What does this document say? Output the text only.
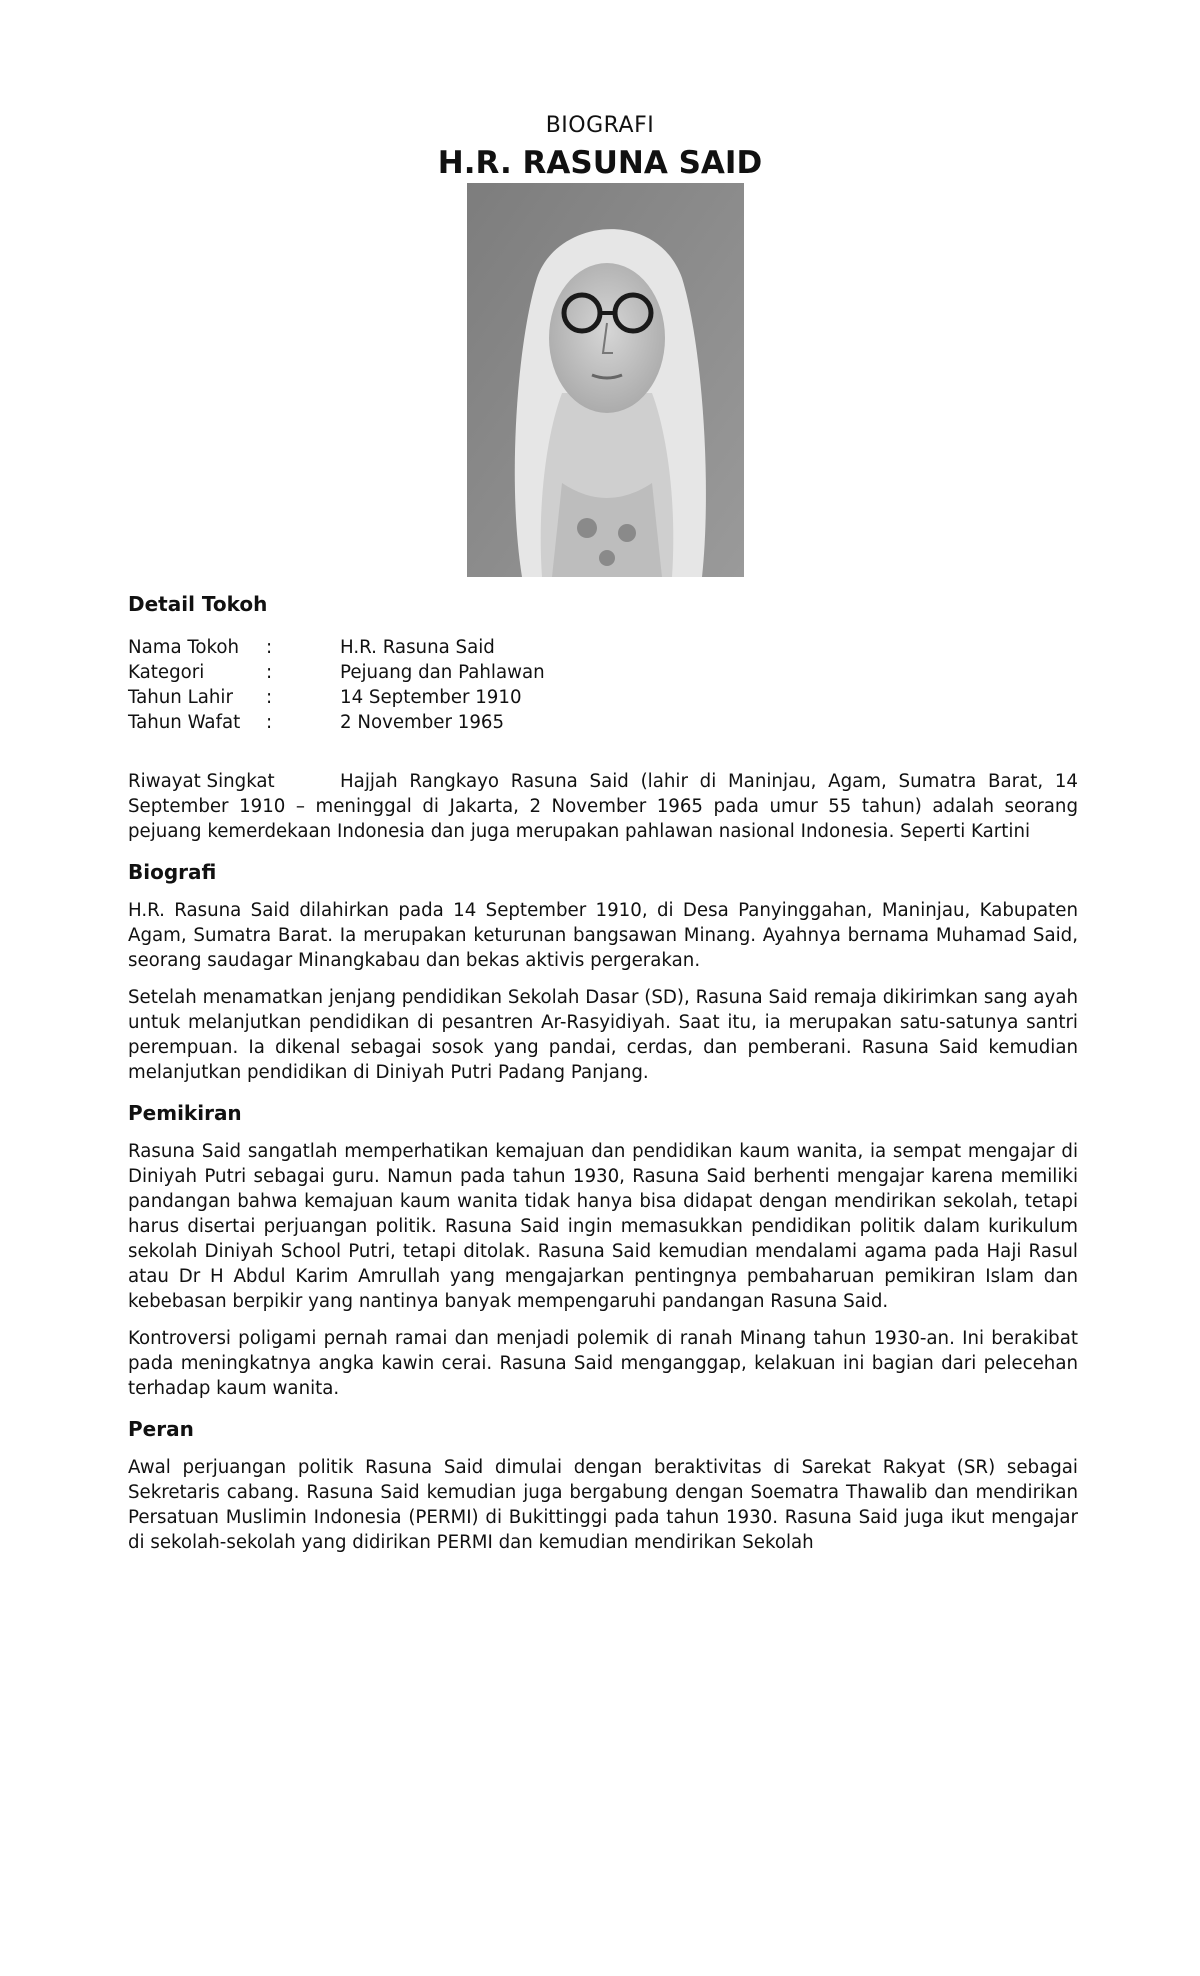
BIOGRAFI
H.R. RASUNA SAID
Detail Tokoh
Nama Tokoh	:	H.R. Rasuna Said
Kategori	:	Pejuang dan Pahlawan
Tahun Lahir	:	14 September 1910
Tahun Wafat	:	2 November 1965

Riwayat Singkat	Hajjah Rangkayo Rasuna Said (lahir di Maninjau, Agam, Sumatra Barat, 14 September 1910 – meninggal di Jakarta, 2 November 1965 pada umur 55 tahun) adalah seorang pejuang kemerdekaan Indonesia dan juga merupakan pahlawan nasional Indonesia. Seperti Kartini

Biografi

H.R. Rasuna Said dilahirkan pada 14 September 1910, di Desa Panyinggahan, Maninjau, Kabupaten Agam, Sumatra Barat. Ia merupakan keturunan bangsawan Minang. Ayahnya bernama Muhamad Said, seorang saudagar Minangkabau dan bekas aktivis pergerakan.

Setelah menamatkan jenjang pendidikan Sekolah Dasar (SD), Rasuna Said remaja dikirimkan sang ayah untuk melanjutkan pendidikan di pesantren Ar-Rasyidiyah. Saat itu, ia merupakan satu-satunya santri perempuan. Ia dikenal sebagai sosok yang pandai, cerdas, dan pemberani. Rasuna Said kemudian melanjutkan pendidikan di Diniyah Putri Padang Panjang.

Pemikiran

Rasuna Said sangatlah memperhatikan kemajuan dan pendidikan kaum wanita, ia sempat mengajar di Diniyah Putri sebagai guru. Namun pada tahun 1930, Rasuna Said berhenti mengajar karena memiliki pandangan bahwa kemajuan kaum wanita tidak hanya bisa didapat dengan mendirikan sekolah, tetapi harus disertai perjuangan politik. Rasuna Said ingin memasukkan pendidikan politik dalam kurikulum sekolah Diniyah School Putri, tetapi ditolak. Rasuna Said kemudian mendalami agama pada Haji Rasul atau Dr H Abdul Karim Amrullah yang mengajarkan pentingnya pembaharuan pemikiran Islam dan kebebasan berpikir yang nantinya banyak mempengaruhi pandangan Rasuna Said.

Kontroversi poligami pernah ramai dan menjadi polemik di ranah Minang tahun 1930-an. Ini berakibat pada meningkatnya angka kawin cerai. Rasuna Said menganggap, kelakuan ini bagian dari pelecehan terhadap kaum wanita.

Peran

Awal perjuangan politik Rasuna Said dimulai dengan beraktivitas di Sarekat Rakyat (SR) sebagai Sekretaris cabang. Rasuna Said kemudian juga bergabung dengan Soematra Thawalib dan mendirikan Persatuan Muslimin Indonesia (PERMI) di Bukittinggi pada tahun 1930. Rasuna Said juga ikut mengajar di sekolah-sekolah yang didirikan PERMI dan kemudian mendirikan Sekolah
